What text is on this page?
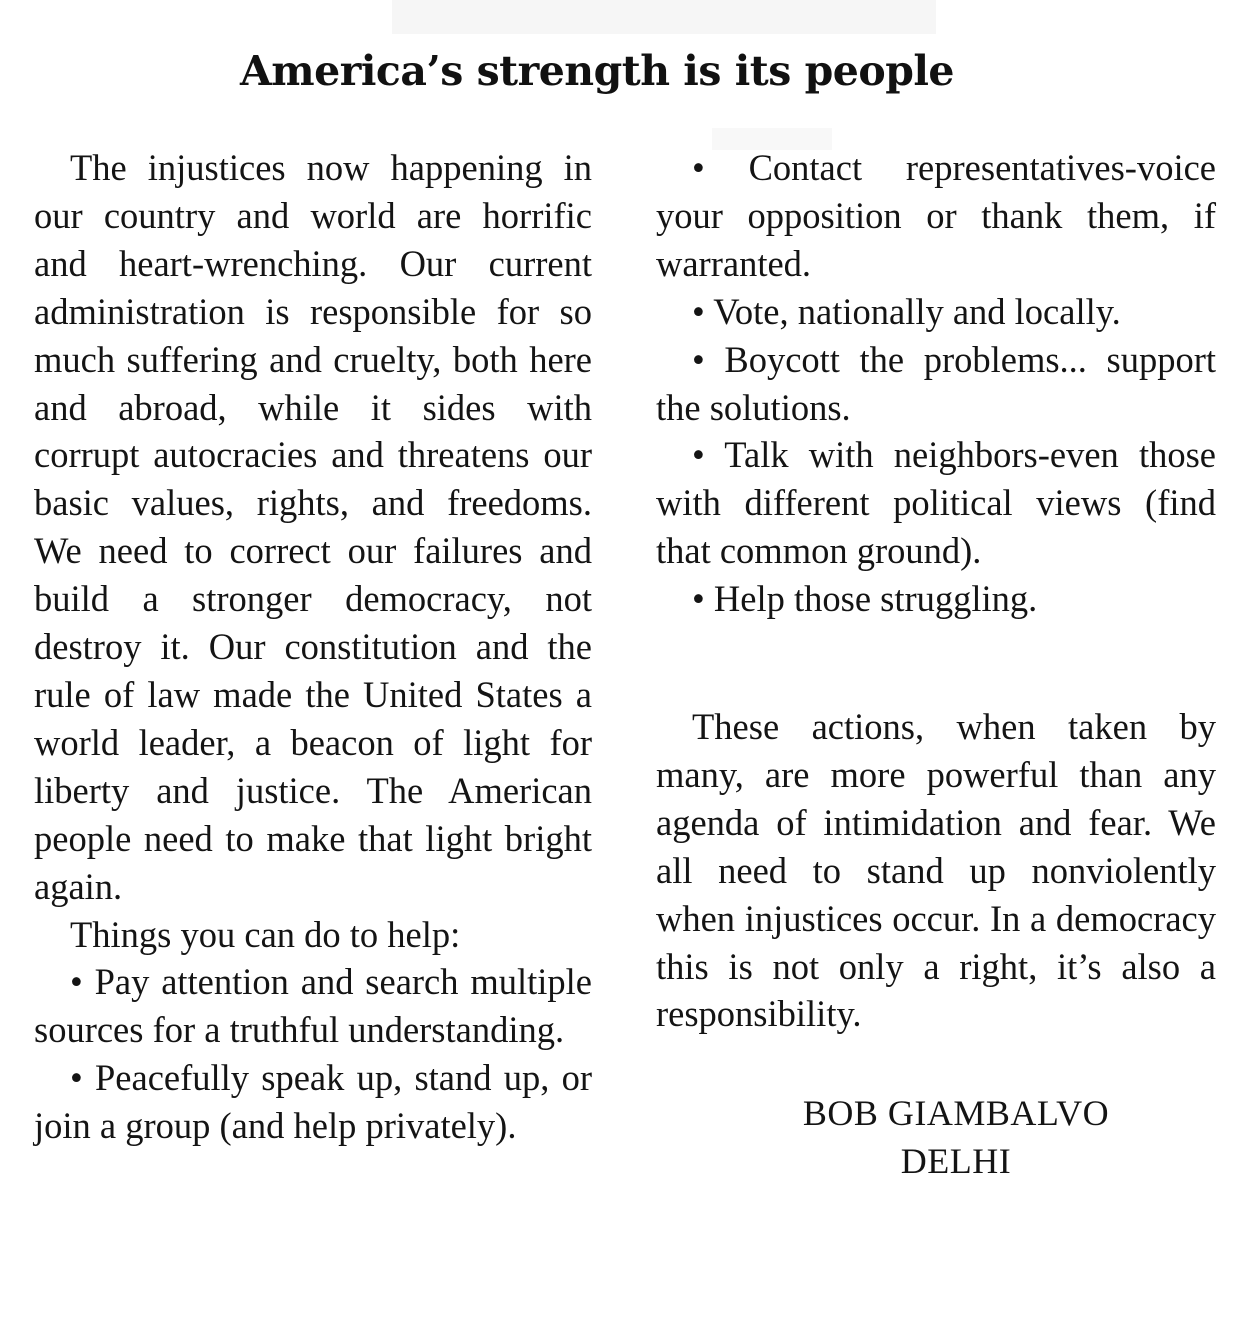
America’s strength is its people

The injustices now happening in our country and world are horrific and heart-wrenching. Our current administration is responsible for so much suffering and cruelty, both here and abroad, while it sides with corrupt autocracies and threatens our basic values, rights, and freedoms. We need to correct our failures and build a stronger democracy, not destroy it. Our constitution and the rule of law made the United States a world leader, a beacon of light for liberty and justice. The American people need to make that light bright again.

Things you can do to help:

• Pay attention and search multiple sources for a truthful understanding.

• Peacefully speak up, stand up, or join a group (and help privately).

• Contact representatives-voice your opposition or thank them, if warranted.

• Vote, nationally and locally.

• Boycott the problems... support the solutions.

• Talk with neighbors-even those with different political views (find that common ground).

• Help those struggling.

These actions, when taken by many, are more powerful than any agenda of intimidation and fear. We all need to stand up nonviolently when injustices occur. In a democracy this is not only a right, it’s also a responsibility.

BOB GIAMBALVO
DELHI
